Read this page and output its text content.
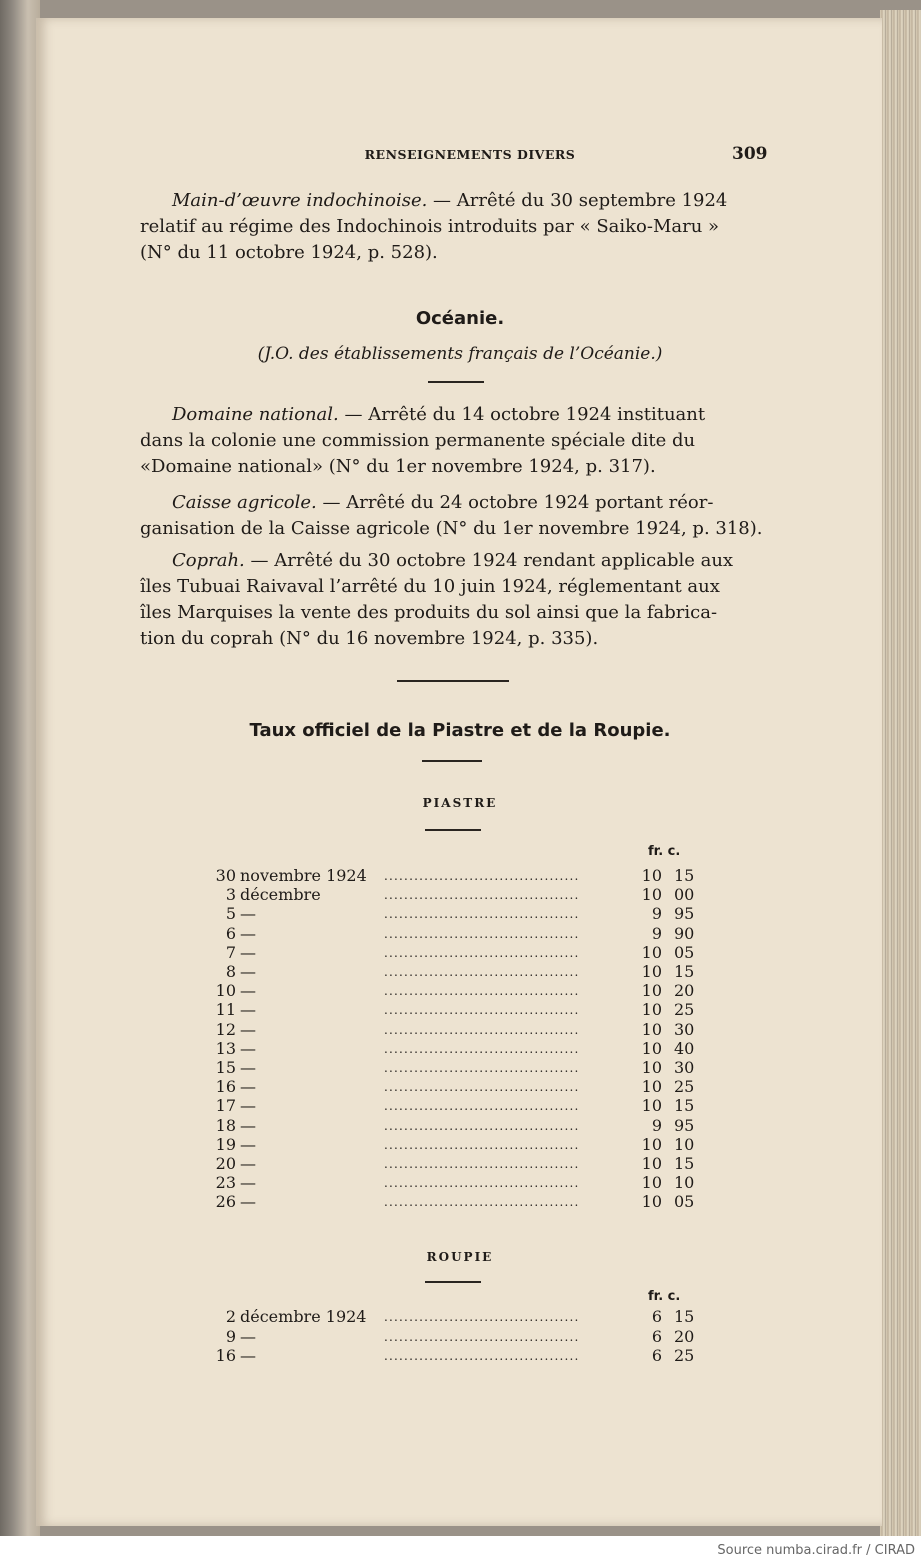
RENSEIGNEMENTS DIVERS	309
Main-d’œuvre indochinoise. — Arrêté du 30 septembre 1924
relatif au régime des Indochinois introduits par « Saiko-Maru »
(N° du 11 octobre 1924, p. 528).
Océanie.
(J.O. des établissements français de l’Océanie.)
Domaine national. — Arrêté du 14 octobre 1924 instituant
dans la colonie une commission permanente spéciale dite du
«Domaine national» (N° du 1er novembre 1924, p. 317).
Caisse agricole. — Arrêté du 24 octobre 1924 portant réor-
ganisation de la Caisse agricole (N° du 1er novembre 1924, p. 318).
Coprah. — Arrêté du 30 octobre 1924 rendant applicable aux
îles Tubuai Raivaval l’arrêté du 10 juin 1924, réglementant aux
îles Marquises la vente des produits du sol ainsi que la fabrica-
tion du coprah (N° du 16 novembre 1924, p. 335).
Taux officiel de la Piastre et de la Roupie.
PIASTRE
fr. c.
30 novembre 1924 .......................................	10 15
3 décembre	.......................................	10 00
5 —	.......................................	9 95
6 —	.......................................	9 90
7 —	.......................................	10 05
8 —	.......................................	10 15
10 —	.......................................	10 20
11 —	.......................................	10 25
12 —	.......................................	10 30
13 —	.......................................	10 40
15 —	.......................................	10 30
16 —	.......................................	10 25
17 —	.......................................	10 15
18 —	.......................................	9 95
19 —	.......................................	10 10
20 —	.......................................	10 15
23 —	.......................................	10 10
26 —	.......................................	10 05
ROUPIE
fr. c.
2 décembre 1924 .......................................	6 15
9 —	.......................................	6 20
16 —	.......................................	6 25
Source numba.cirad.fr / CIRAD
